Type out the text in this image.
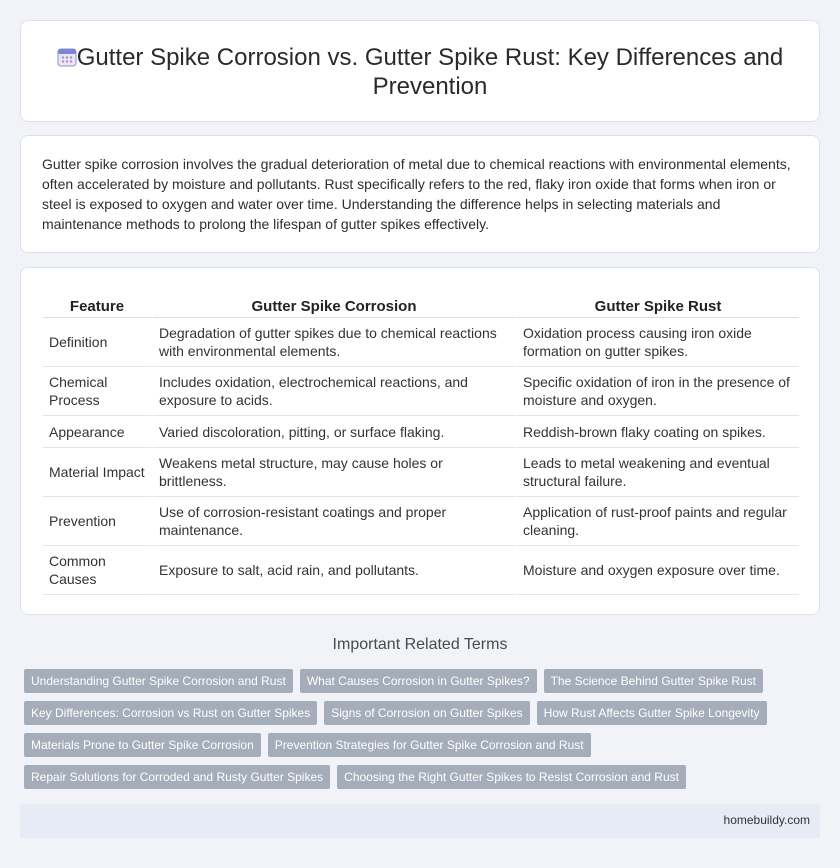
Gutter Spike Corrosion vs. Gutter Spike Rust: Key Differences and Prevention

Gutter spike corrosion involves the gradual deterioration of metal due to chemical reactions with environmental elements, often accelerated by moisture and pollutants. Rust specifically refers to the red, flaky iron oxide that forms when iron or steel is exposed to oxygen and water over time. Understanding the difference helps in selecting materials and maintenance methods to prolong the lifespan of gutter spikes effectively.

Feature	Gutter Spike Corrosion	Gutter Spike Rust
Definition	Degradation of gutter spikes due to chemical reactions with environmental elements.	Oxidation process causing iron oxide formation on gutter spikes.
Chemical Process	Includes oxidation, electrochemical reactions, and exposure to acids.	Specific oxidation of iron in the presence of moisture and oxygen.
Appearance	Varied discoloration, pitting, or surface flaking.	Reddish-brown flaky coating on spikes.
Material Impact	Weakens metal structure, may cause holes or brittleness.	Leads to metal weakening and eventual structural failure.
Prevention	Use of corrosion-resistant coatings and proper maintenance.	Application of rust-proof paints and regular cleaning.
Common Causes	Exposure to salt, acid rain, and pollutants.	Moisture and oxygen exposure over time.
Important Related Terms
Understanding Gutter Spike Corrosion and Rust What Causes Corrosion in Gutter Spikes? The Science Behind Gutter Spike Rust
Key Differences: Corrosion vs Rust on Gutter Spikes Signs of Corrosion on Gutter Spikes How Rust Affects Gutter Spike Longevity
Materials Prone to Gutter Spike Corrosion Prevention Strategies for Gutter Spike Corrosion and Rust
Repair Solutions for Corroded and Rusty Gutter Spikes Choosing the Right Gutter Spikes to Resist Corrosion and Rust
homebuildy.com
